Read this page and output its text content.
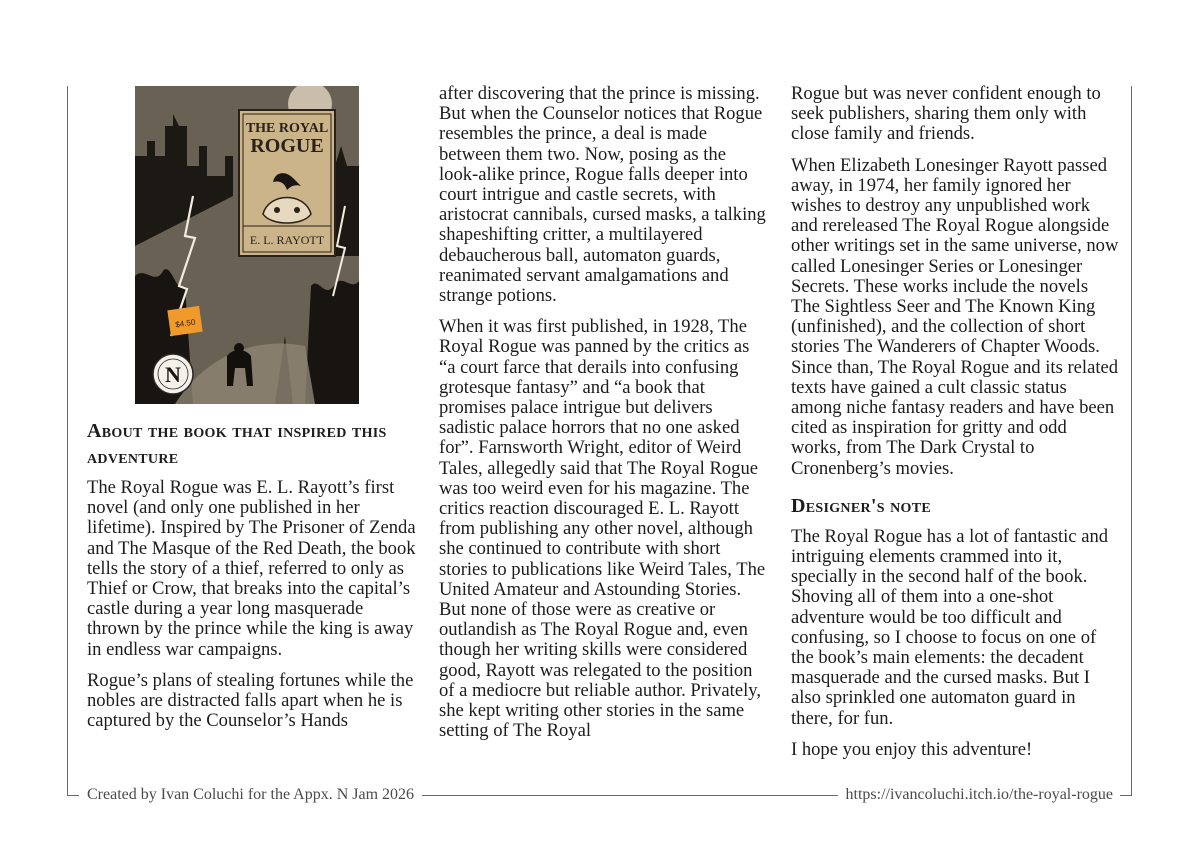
THE ROYAL
ROGUE
E. L. RAYOTT
$4.50
N
About the book that inspired this adventure

The Royal Rogue was E. L. Rayott’s first novel (and only one published in her lifetime). Inspired by The Prisoner of Zenda and The Masque of the Red Death, the book tells the story of a thief, referred to only as Thief or Crow, that breaks into the capital’s castle during a year long masquerade thrown by the prince while the king is away in endless war campaigns.

Rogue’s plans of stealing fortunes while the nobles are distracted falls apart when he is captured by the Counselor’s Hands

after discovering that the prince is missing. But when the Counselor notices that Rogue resembles the prince, a deal is made between them two. Now, posing as the look-alike prince, Rogue falls deeper into court intrigue and castle secrets, with aristocrat cannibals, cursed masks, a talking shapeshifting critter, a multilayered debaucherous ball, automaton guards, reanimated servant amalgamations and strange potions.

When it was first published, in 1928, The Royal Rogue was panned by the critics as “a court farce that derails into confusing grotesque fantasy” and “a book that promises palace intrigue but delivers sadistic palace horrors that no one asked for”. Farnsworth Wright, editor of Weird Tales, allegedly said that The Royal Rogue was too weird even for his magazine. The critics reaction discouraged E. L. Rayott from publishing any other novel, although she continued to contribute with short stories to publications like Weird Tales, The United Amateur and Astounding Stories. But none of those were as creative or outlandish as The Royal Rogue and, even though her writing skills were considered good, Rayott was relegated to the position of a mediocre but reliable author. Privately, she kept writing other stories in the same setting of The Royal

Rogue but was never confident enough to seek publishers, sharing them only with close family and friends.

When Elizabeth Lonesinger Rayott passed away, in 1974, her family ignored her wishes to destroy any unpublished work and rereleased The Royal Rogue alongside other writings set in the same universe, now called Lonesinger Series or Lonesinger Secrets. These works include the novels The Sightless Seer and The Known King (unfinished), and the collection of short stories The Wanderers of Chapter Woods. Since than, The Royal Rogue and its related texts have gained a cult classic status among niche fantasy readers and have been cited as inspiration for gritty and odd works, from The Dark Crystal to Cronenberg’s movies.

Designer's note

The Royal Rogue has a lot of fantastic and intriguing elements crammed into it, specially in the second half of the book. Shoving all of them into a one-shot adventure would be too difficult and confusing, so I choose to focus on one of the book’s main elements: the decadent masquerade and the cursed masks. But I also sprinkled one automaton guard in there, for fun.

I hope you enjoy this adventure!

Created by Ivan Coluchi for the Appx. N Jam 2026	https://ivancoluchi.itch.io/the-royal-rogue
